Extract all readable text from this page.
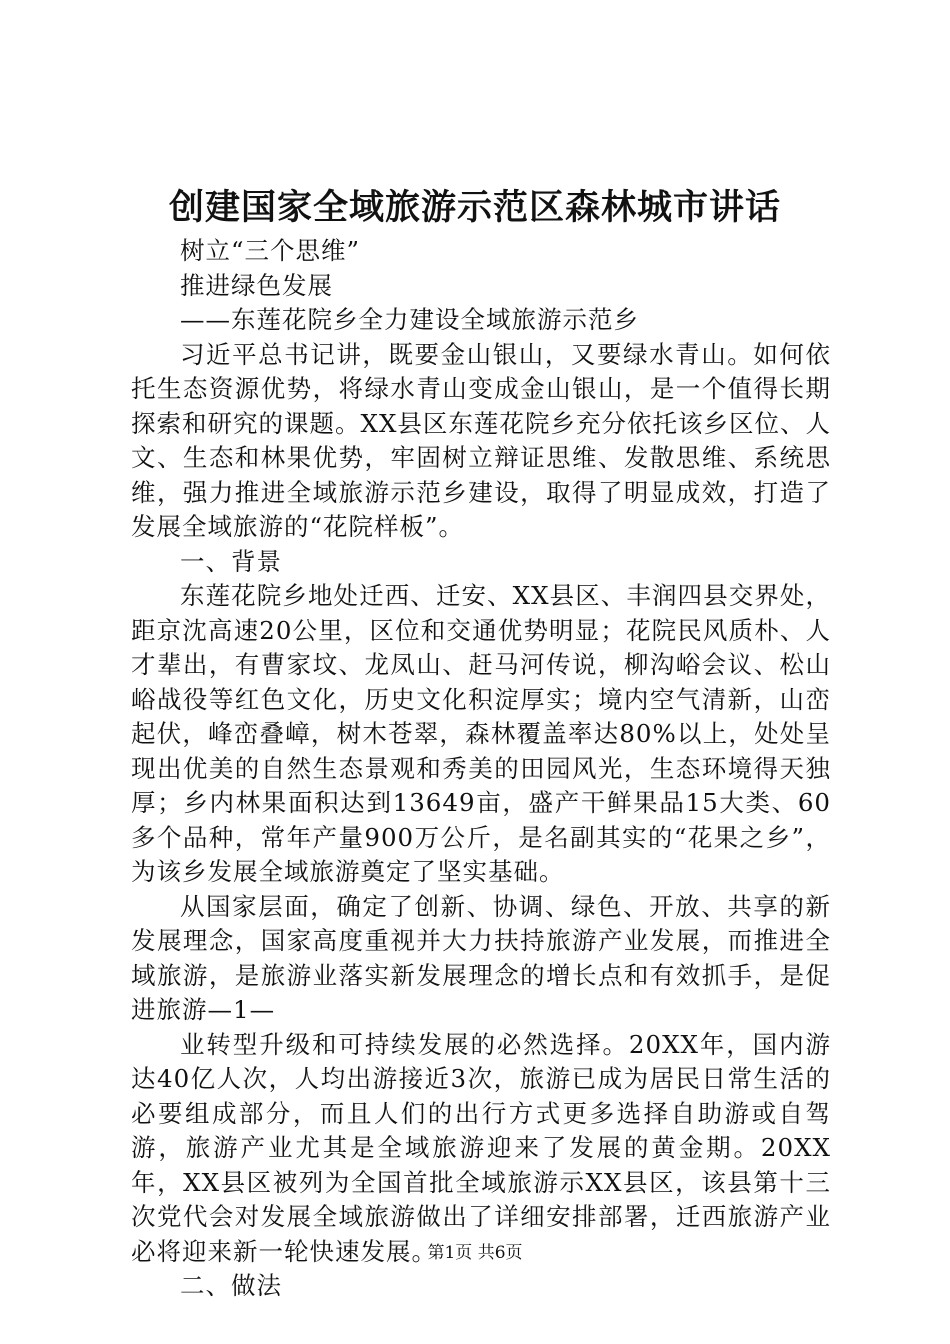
创建国家全域旅游示范区森林城市讲话

树立“三个思维”

推进绿色发展

——东莲花院乡全力建设全域旅游示范乡

习近平总书记讲，既要金山银山，又要绿水青山。如何依托生态资源优势，将绿水青山变成金山银山，是一个值得长期探索和研究的课题。XX县区东莲花院乡充分依托该乡区位、人文、生态和林果优势，牢固树立辩证思维、发散思维、系统思维，强力推进全域旅游示范乡建设，取得了明显成效，打造了发展全域旅游的“花院样板”。

一、背景

东莲花院乡地处迁西、迁安、XX县区、丰润四县交界处，距京沈高速20公里，区位和交通优势明显；花院民风质朴、人才辈出，有曹家坟、龙凤山、赶马河传说，柳沟峪会议、松山峪战役等红色文化，历史文化积淀厚实；境内空气清新，山峦起伏，峰峦叠嶂，树木苍翠，森林覆盖率达80%以上，处处呈现出优美的自然生态景观和秀美的田园风光，生态环境得天独厚；乡内林果面积达到13649亩，盛产干鲜果品15大类、60多个品种，常年产量900万公斤，是名副其实的“花果之乡”，为该乡发展全域旅游奠定了坚实基础。

从国家层面，确定了创新、协调、绿色、开放、共享的新发展理念，国家高度重视并大力扶持旅游产业发展，而推进全域旅游，是旅游业落实新发展理念的增长点和有效抓手，是促进旅游—1—

业转型升级和可持续发展的必然选择。20XX年，国内游达40亿人次，人均出游接近3次，旅游已成为居民日常生活的必要组成部分，而且人们的出行方式更多选择自助游或自驾游，旅游产业尤其是全域旅游迎来了发展的黄金期。20XX年，XX县区被列为全国首批全域旅游示XX县区，该县第十三次党代会对发展全域旅游做出了详细安排部署，迁西旅游产业必将迎来新一轮快速发展。

二、做法

第1页 共6页
